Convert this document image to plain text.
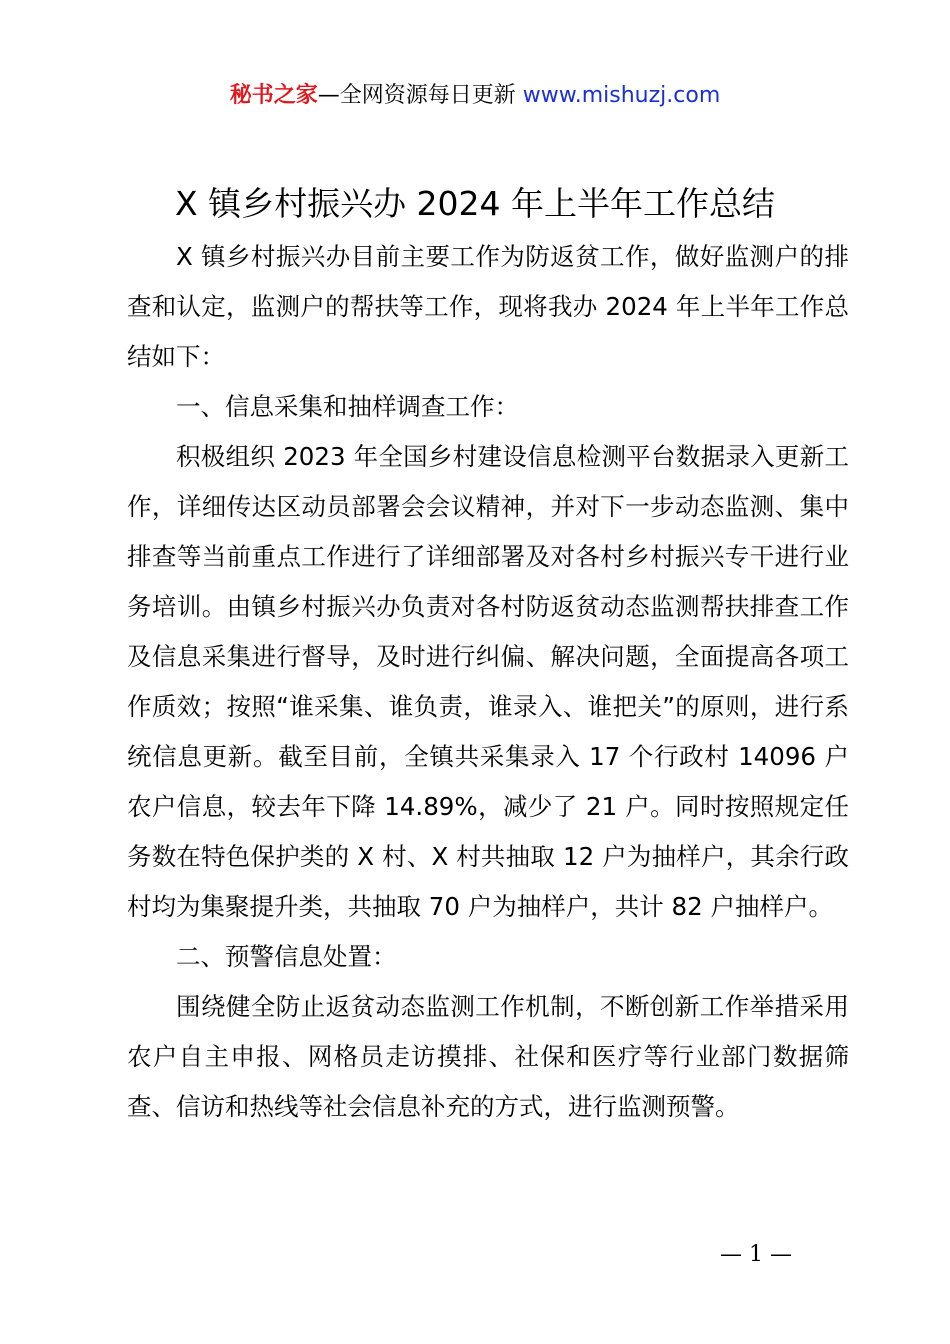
秘书之家—全网资源每日更新 www.mishuzj.com
X 镇乡村振兴办 2024 年上半年工作总结

X 镇乡村振兴办目前主要工作为防返贫工作，做好监测户的排查和认定，监测户的帮扶等工作，现将我办 2024 年上半年工作总结如下：

一、信息采集和抽样调查工作：

积极组织 2023 年全国乡村建设信息检测平台数据录入更新工作，详细传达区动员部署会会议精神，并对下一步动态监测、集中排查等当前重点工作进行了详细部署及对各村乡村振兴专干进行业务培训。由镇乡村振兴办负责对各村防返贫动态监测帮扶排查工作及信息采集进行督导，及时进行纠偏、解决问题，全面提高各项工作质效；按照“谁采集、谁负责，谁录入、谁把关”的原则，进行系统信息更新。截至目前，全镇共采集录入 17 个行政村 14096 户农户信息，较去年下降 14.89%，减少了 21 户。同时按照规定任务数在特色保护类的 X 村、X 村共抽取 12 户为抽样户，其余行政村均为集聚提升类，共抽取 70 户为抽样户，共计 82 户抽样户。

二、预警信息处置：

围绕健全防止返贫动态监测工作机制，不断创新工作举措采用农户自主申报、网格员走访摸排、社保和医疗等行业部门数据筛查、信访和热线等社会信息补充的方式，进行监测预警。

— 1 —
